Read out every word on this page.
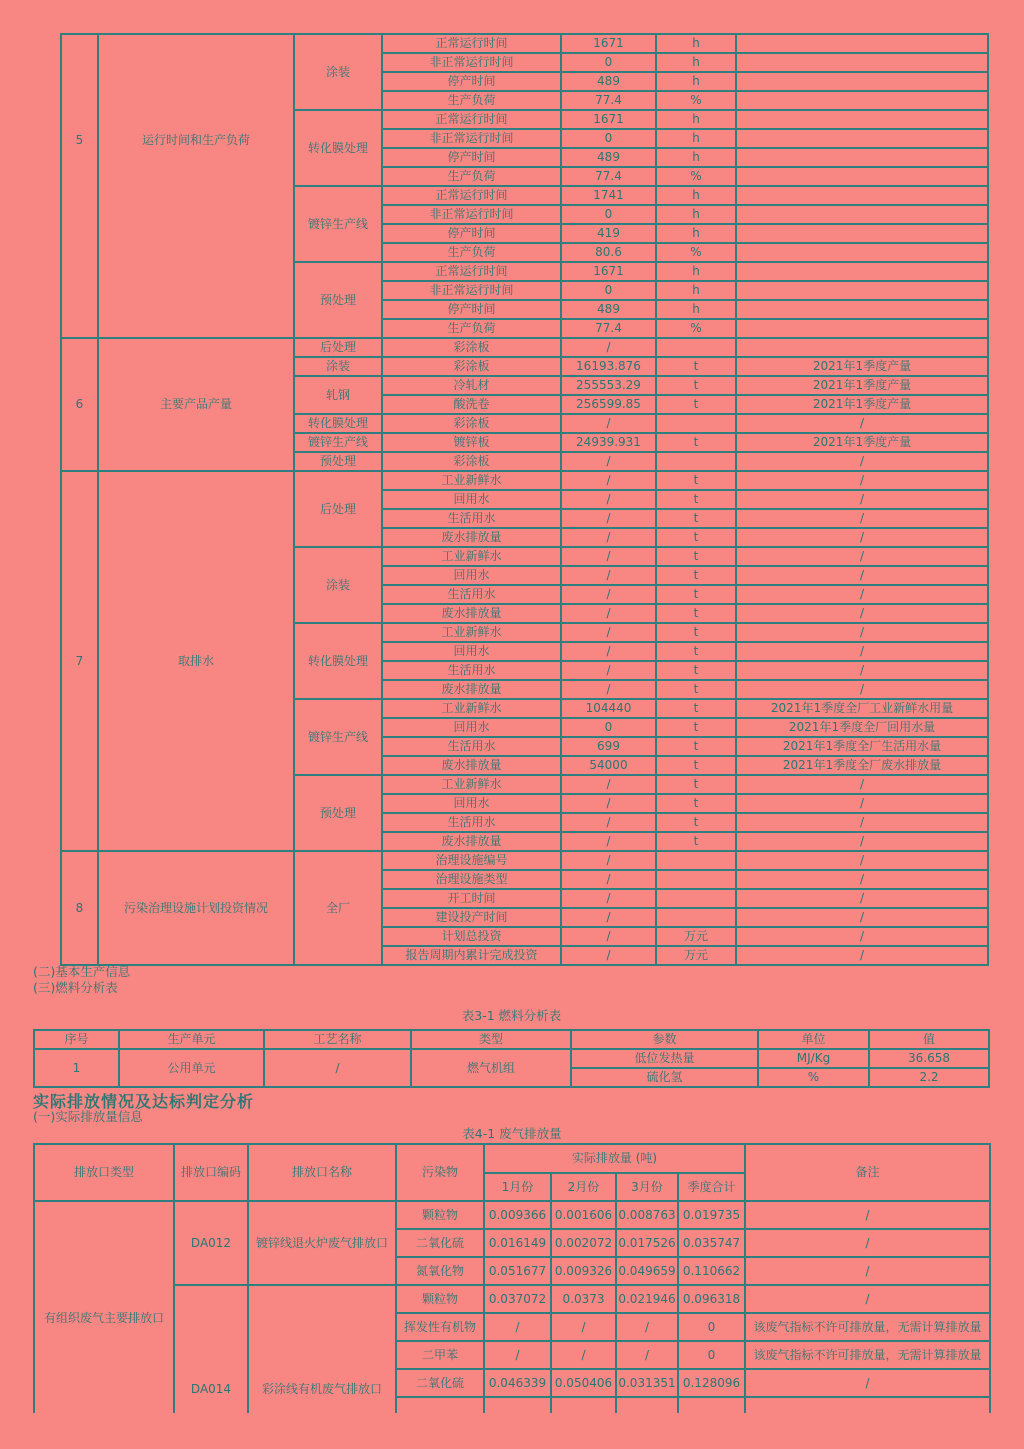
5	运行时间和生产负荷	涂装	正常运行时间	1671	h	
			非正常运行时间	0	h	
			停产时间	489	h	
			生产负荷	77.4	%	
		转化膜处理	正常运行时间	1671	h	
			非正常运行时间	0	h	
			停产时间	489	h	
			生产负荷	77.4	%	
		镀锌生产线	正常运行时间	1741	h	
			非正常运行时间	0	h	
			停产时间	419	h	
			生产负荷	80.6	%	
		预处理	正常运行时间	1671	h	
			非正常运行时间	0	h	
			停产时间	489	h	
			生产负荷	77.4	%	
6	主要产品产量	后处理	彩涂板	/		
		涂装	彩涂板	16193.876	t	2021年1季度产量
		轧钢	冷轧材	255553.29	t	2021年1季度产量
			酸洗卷	256599.85	t	2021年1季度产量
		转化膜处理	彩涂板	/		/
		镀锌生产线	镀锌板	24939.931	t	2021年1季度产量
		预处理	彩涂板	/		/
7	取排水	后处理	工业新鲜水	/	t	/
			回用水	/	t	/
			生活用水	/	t	/
			废水排放量	/	t	/
		涂装	工业新鲜水	/	t	/
			回用水	/	t	/
			生活用水	/	t	/
			废水排放量	/	t	/
		转化膜处理	工业新鲜水	/	t	/
			回用水	/	t	/
			生活用水	/	t	/
			废水排放量	/	t	/
		镀锌生产线	工业新鲜水	104440	t	2021年1季度全厂工业新鲜水用量
			回用水	0	t	2021年1季度全厂回用水量
			生活用水	699	t	2021年1季度全厂生活用水量
			废水排放量	54000	t	2021年1季度全厂废水排放量
		预处理	工业新鲜水	/	t	/
			回用水	/	t	/
			生活用水	/	t	/
			废水排放量	/	t	/
8	污染治理设施计划投资情况	全厂	治理设施编号	/		/
			治理设施类型	/		/
			开工时间	/		/
			建设投产时间	/		/
			计划总投资	/	万元	/
			报告周期内累计完成投资	/	万元	/
(二)基本生产信息
(三)燃料分析表
表3-1 燃料分析表
序号	生产单元	工艺名称	类型	参数	单位	值
1	公用单元	/	燃气机组	低位发热量	MJ/Kg	36.658
				硫化氢	%	2.2
实际排放情况及达标判定分析
(一)实际排放量信息
表4-1 废气排放量
排放口类型	排放口编码	排放口名称	污染物	实际排放量 (吨)				备注
				1月份	2月份	3月份	季度合计	
有组织废气主要排放口	DA012	镀锌线退火炉废气排放口	颗粒物	0.009366	0.001606	0.008763	0.019735	/
			二氧化硫	0.016149	0.002072	0.017526	0.035747	/
			氮氧化物	0.051677	0.009326	0.049659	0.110662	/
	DA014	彩涂线有机废气排放口	颗粒物	0.037072	0.0373	0.021946	0.096318	/
			挥发性有机物	/	/	/	0	该废气指标不许可排放量，无需计算排放量
			二甲苯	/	/	/	0	该废气指标不许可排放量，无需计算排放量
			二氧化硫	0.046339	0.050406	0.031351	0.128096	/
